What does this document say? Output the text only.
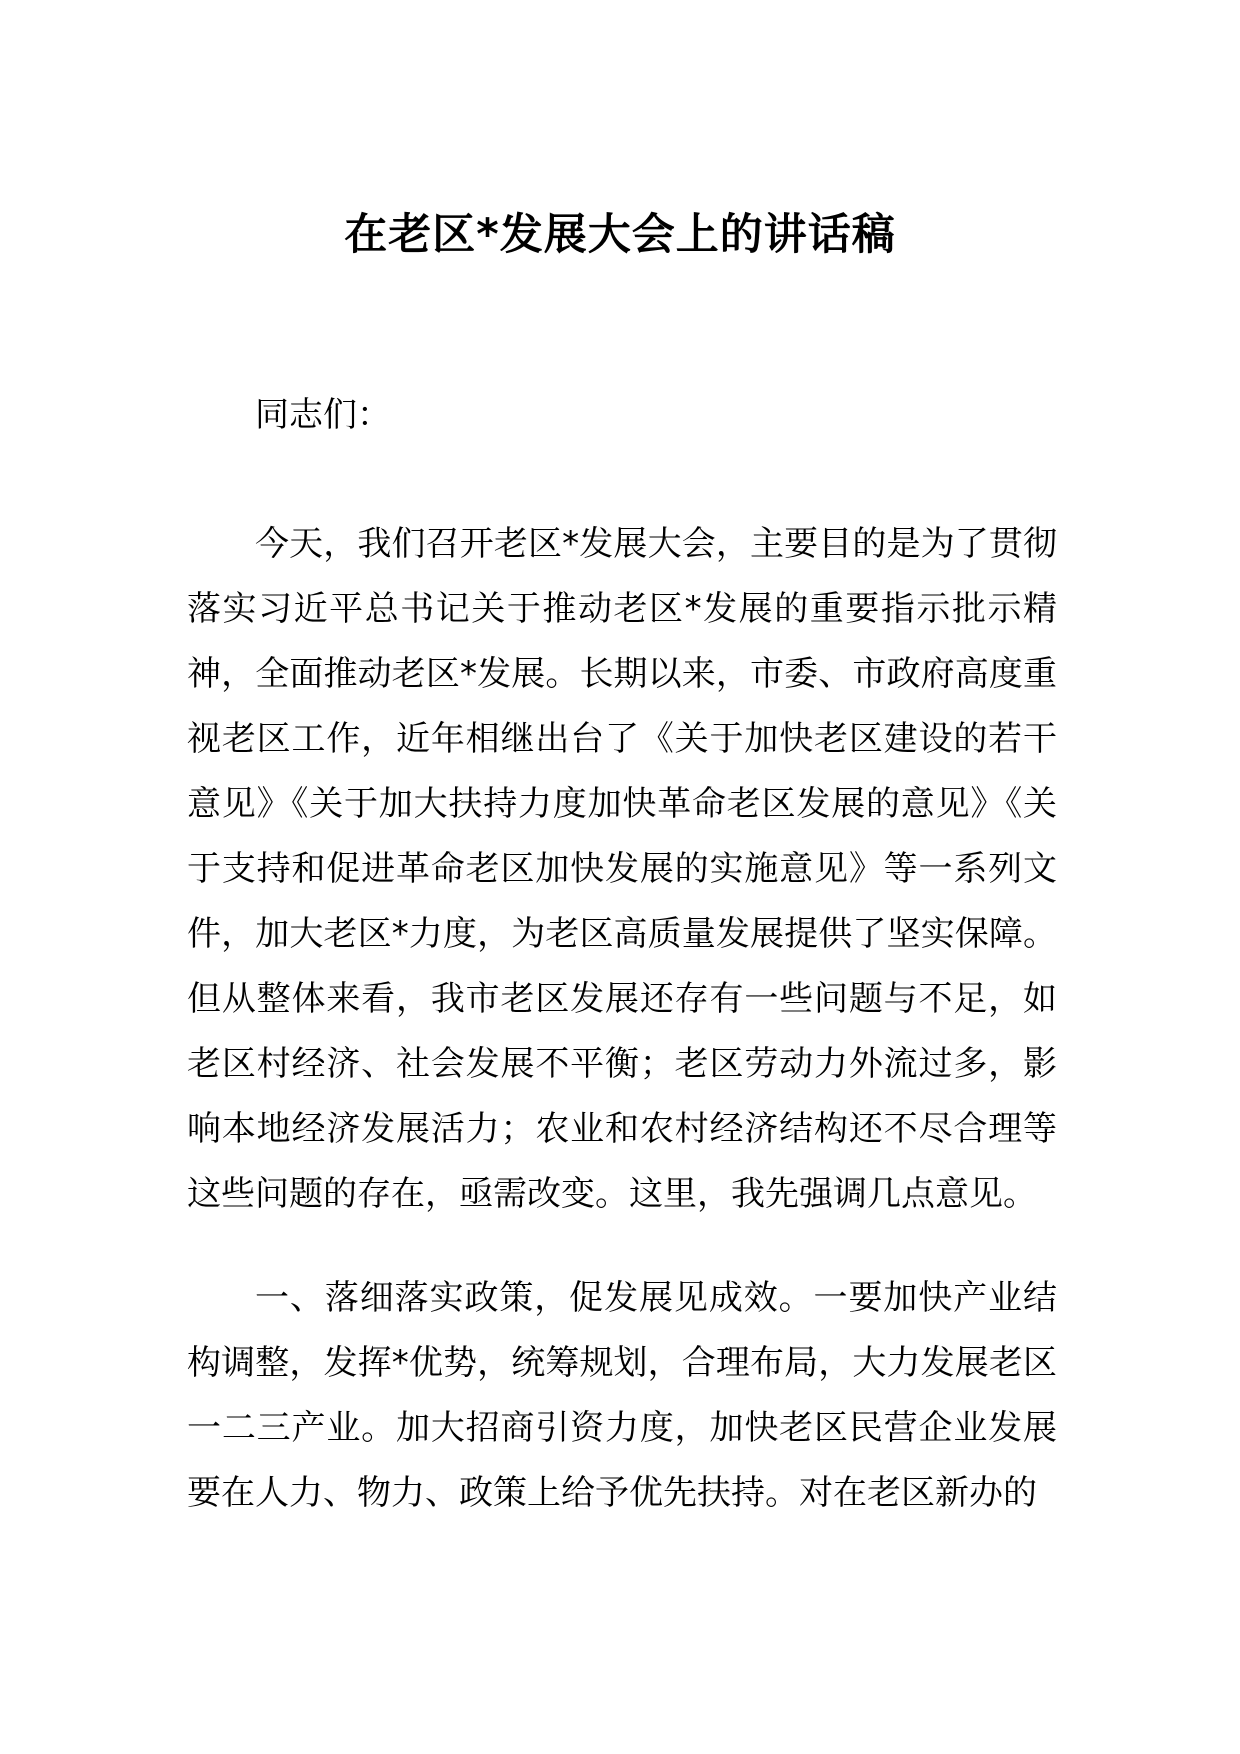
在老区*发展大会上的讲话稿

同志们：

今天，我们召开老区*发展大会，主要目的是为了贯彻落实习近平总书记关于推动老区*发展的重要指示批示精神，全面推动老区*发展。长期以来，市委、市政府高度重视老区工作，近年相继出台了《关于加快老区建设的若干意见》《关于加大扶持力度加快革命老区发展的意见》《关于支持和促进革命老区加快发展的实施意见》等一系列文件，加大老区*力度，为老区高质量发展提供了坚实保障。但从整体来看，我市老区发展还存有一些问题与不足，如老区村经济、社会发展不平衡；老区劳动力外流过多，影响本地经济发展活力；农业和农村经济结构还不尽合理等这些问题的存在，亟需改变。这里，我先强调几点意见。

一、落细落实政策，促发展见成效。一要加快产业结构调整，发挥*优势，统筹规划，合理布局，大力发展老区一二三产业。加大招商引资力度，加快老区民营企业发展要在人力、物力、政策上给予优先扶持。对在老区新办的
